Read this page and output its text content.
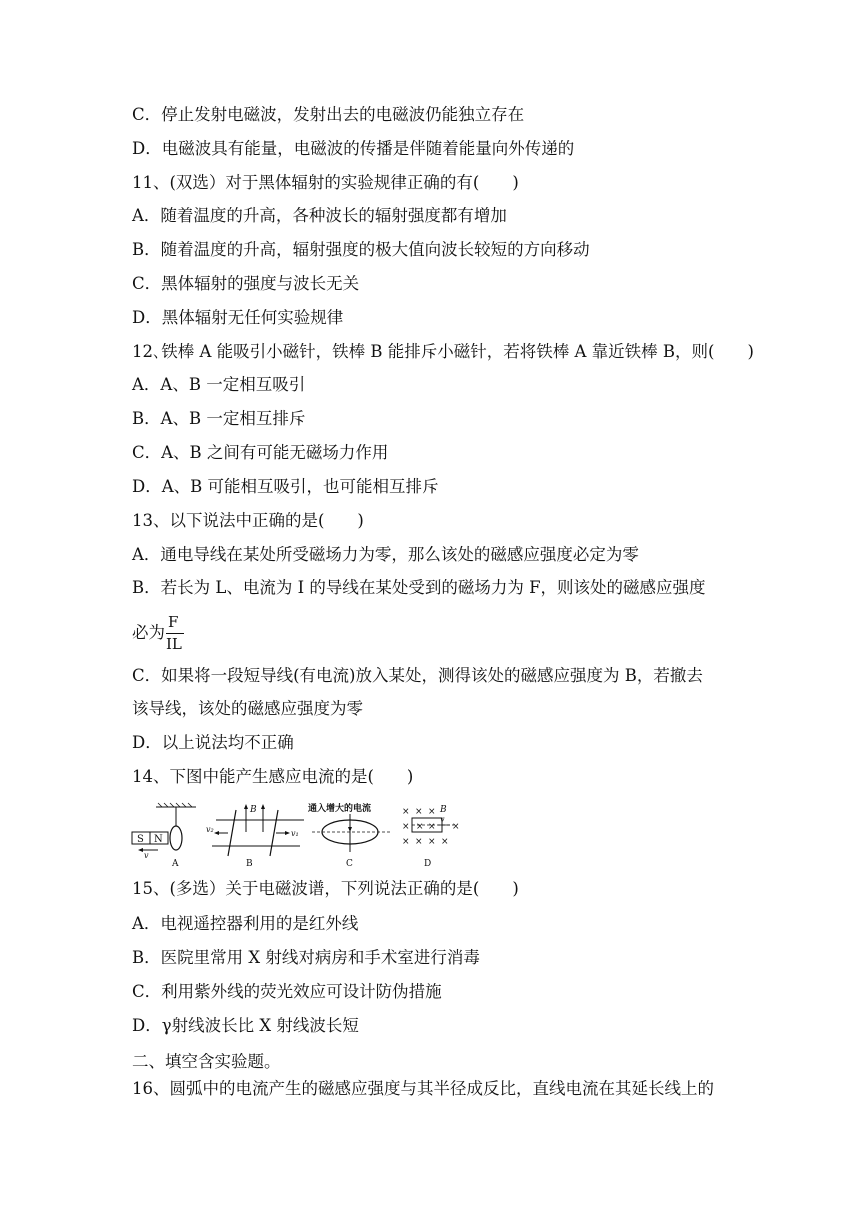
C．停止发射电磁波，发射出去的电磁波仍能独立存在
D．电磁波具有能量，电磁波的传播是伴随着能量向外传递的
11、(双选）对于黑体辐射的实验规律正确的有(　　)
A．随着温度的升高，各种波长的辐射强度都有增加
B．随着温度的升高，辐射强度的极大值向波长较短的方向移动
C．黑体辐射的强度与波长无关
D．黑体辐射无任何实验规律
12､铁棒 A 能吸引小磁针，铁棒 B 能排斥小磁针，若将铁棒 A 靠近铁棒 B，则(　　)
A．A、B 一定相互吸引
B．A、B 一定相互排斥
C．A、B 之间有可能无磁场力作用
D．A、B 可能相互吸引，也可能相互排斥
13、以下说法中正确的是(　　)
A．通电导线在某处所受磁场力为零，那么该处的磁感应强度必定为零
B．若长为 L、电流为 I 的导线在某处受到的磁场力为 F，则该处的磁感应强度
必为
F
IL
C．如果将一段短导线(有电流)放入某处，测得该处的磁感应强度为 B，若撤去
该导线，该处的磁感应强度为零
D．以上说法均不正确
14、下图中能产生感应电流的是(　　)
S N
v
A
B
v₂	v₁
B
通入增大的电流
C
× × × B
×	×
× ×
v
× × × ×
D
15、(多选）关于电磁波谱，下列说法正确的是(　　)
A．电视遥控器利用的是红外线
B．医院里常用 X 射线对病房和手术室进行消毒
C．利用紫外线的荧光效应可设计防伪措施
D．γ射线波长比 X 射线波长短
二、填空含实验题。
16、圆弧中的电流产生的磁感应强度与其半径成反比，直线电流在其延长线上的
